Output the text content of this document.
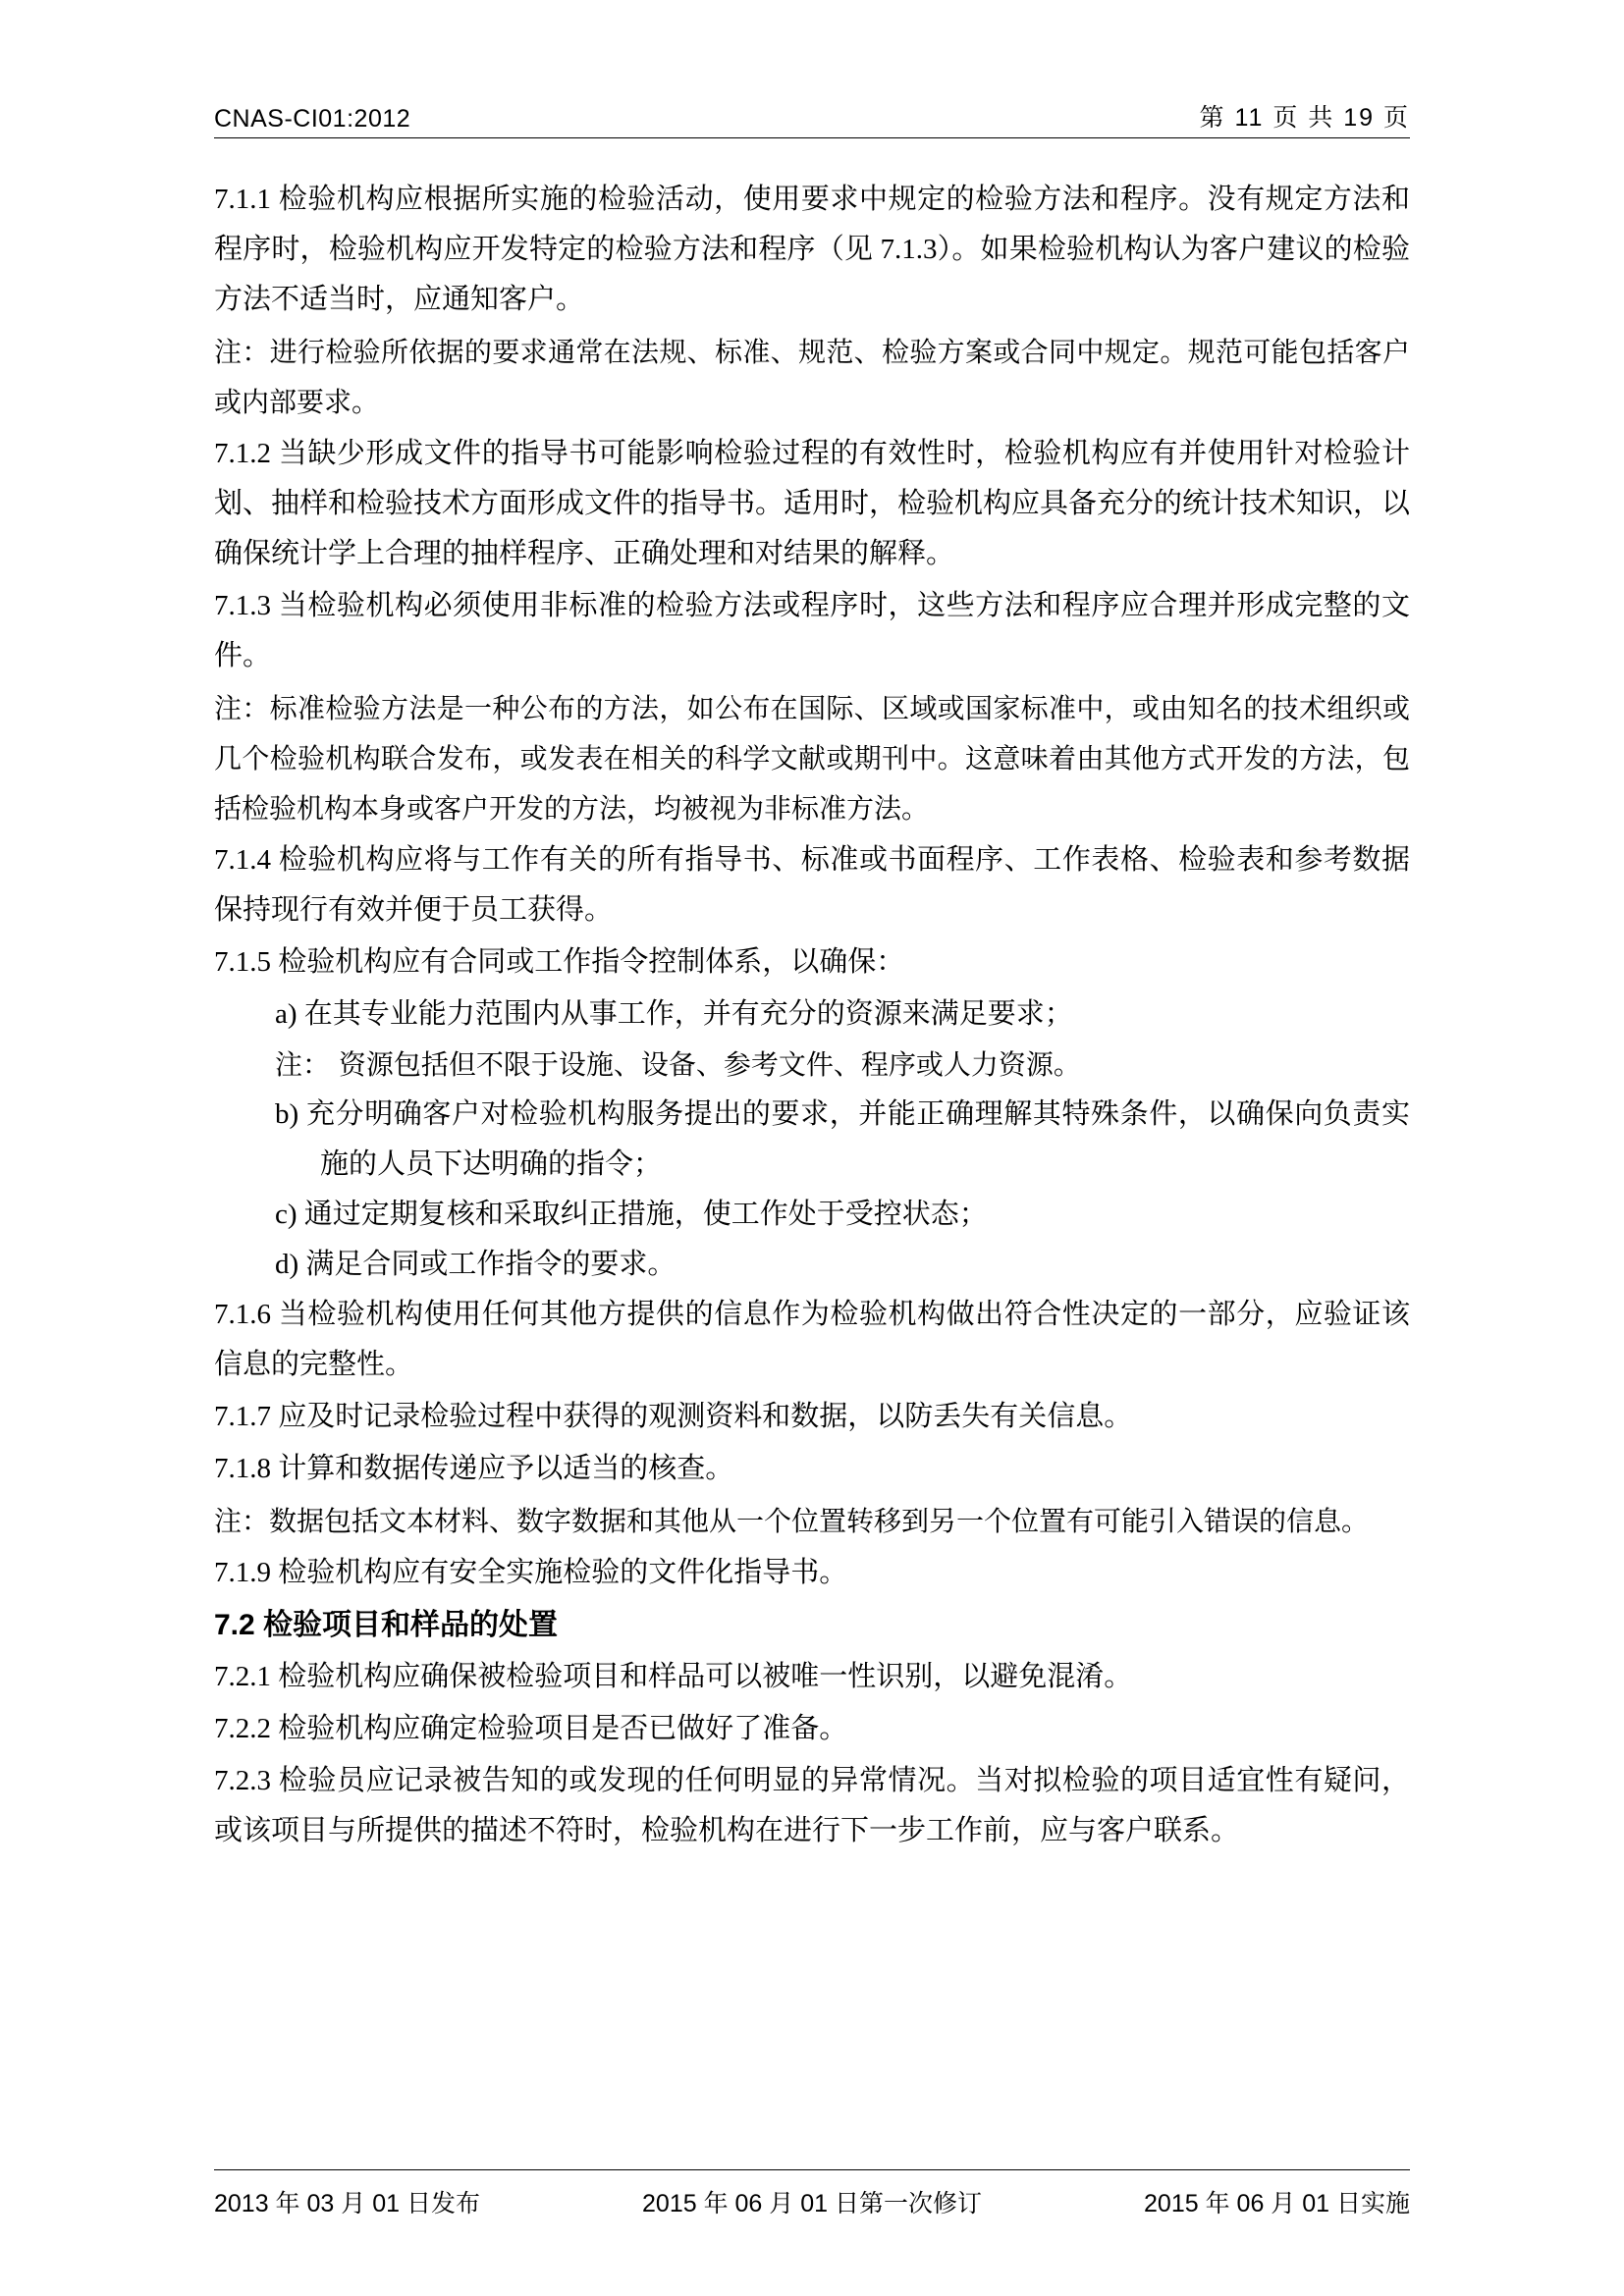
CNAS-CI01:2012	第 11 页 共 19 页

7.1.1 检验机构应根据所实施的检验活动，使用要求中规定的检验方法和程序。没有规定方法和程序时，检验机构应开发特定的检验方法和程序（见 7.1.3）。如果检验机构认为客户建议的检验方法不适当时，应通知客户。

注：进行检验所依据的要求通常在法规、标准、规范、检验方案或合同中规定。规范可能包括客户或内部要求。

7.1.2 当缺少形成文件的指导书可能影响检验过程的有效性时，检验机构应有并使用针对检验计划、抽样和检验技术方面形成文件的指导书。适用时，检验机构应具备充分的统计技术知识，以确保统计学上合理的抽样程序、正确处理和对结果的解释。

7.1.3 当检验机构必须使用非标准的检验方法或程序时，这些方法和程序应合理并形成完整的文件。

注：标准检验方法是一种公布的方法，如公布在国际、区域或国家标准中，或由知名的技术组织或几个检验机构联合发布，或发表在相关的科学文献或期刊中。这意味着由其他方式开发的方法，包括检验机构本身或客户开发的方法，均被视为非标准方法。

7.1.4 检验机构应将与工作有关的所有指导书、标准或书面程序、工作表格、检验表和参考数据保持现行有效并便于员工获得。

7.1.5 检验机构应有合同或工作指令控制体系，以确保：

a) 在其专业能力范围内从事工作，并有充分的资源来满足要求；

注： 资源包括但不限于设施、设备、参考文件、程序或人力资源。

b) 充分明确客户对检验机构服务提出的要求，并能正确理解其特殊条件，以确保向负责实施的人员下达明确的指令；

c) 通过定期复核和采取纠正措施，使工作处于受控状态；

d) 满足合同或工作指令的要求。

7.1.6 当检验机构使用任何其他方提供的信息作为检验机构做出符合性决定的一部分，应验证该信息的完整性。

7.1.7 应及时记录检验过程中获得的观测资料和数据，以防丢失有关信息。

7.1.8 计算和数据传递应予以适当的核查。

注：数据包括文本材料、数字数据和其他从一个位置转移到另一个位置有可能引入错误的信息。

7.1.9 检验机构应有安全实施检验的文件化指导书。

7.2 检验项目和样品的处置

7.2.1 检验机构应确保被检验项目和样品可以被唯一性识别，以避免混淆。

7.2.2 检验机构应确定检验项目是否已做好了准备。

7.2.3 检验员应记录被告知的或发现的任何明显的异常情况。当对拟检验的项目适宜性有疑问，或该项目与所提供的描述不符时，检验机构在进行下一步工作前，应与客户联系。

2013 年 03 月 01 日发布	2015 年 06 月 01 日第一次修订	2015 年 06 月 01 日实施
